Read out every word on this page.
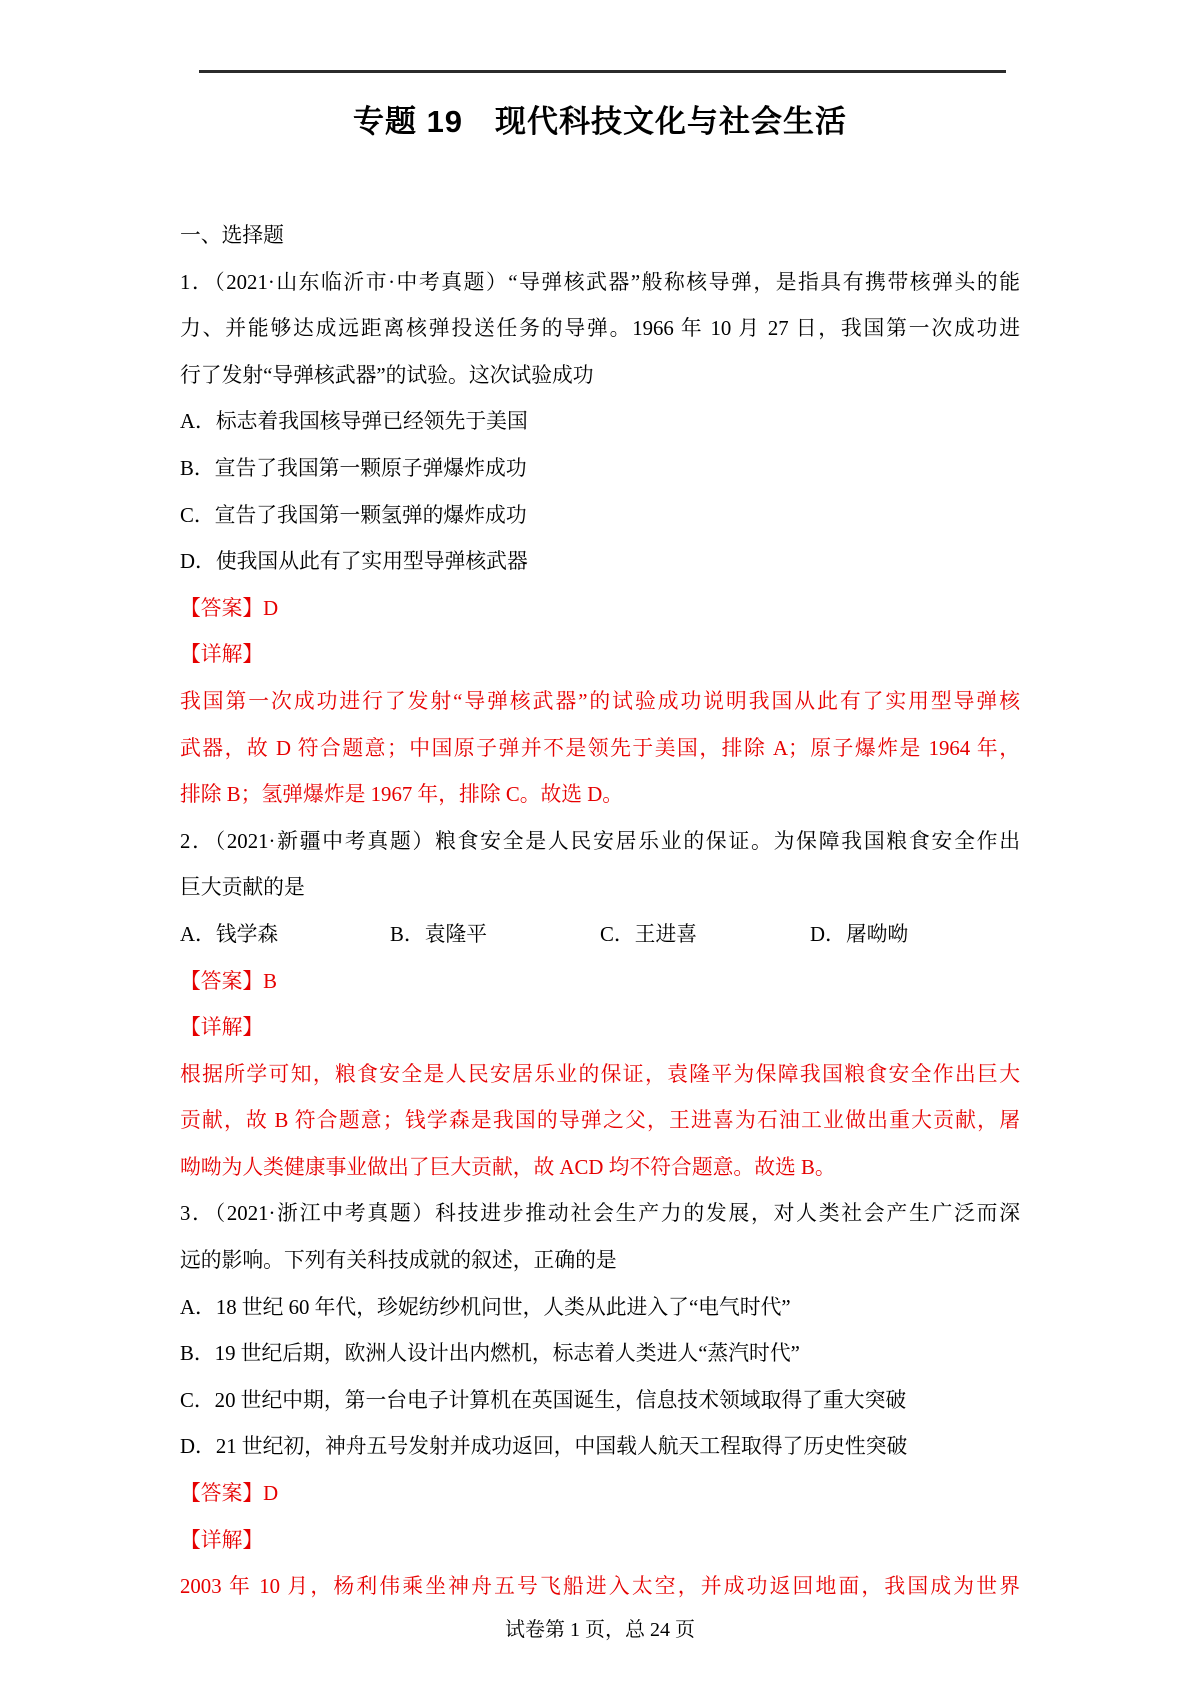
专题 19　现代科技文化与社会生活
一、选择题
1．（2021·山东临沂市·中考真题）“导弹核武器”般称核导弹，是指具有携带核弹头的能
力、并能够达成远距离核弹投送任务的导弹。1966 年 10 月 27 日，我国第一次成功进
行了发射“导弹核武器”的试验。这次试验成功
A．标志着我国核导弹已经领先于美国
B．宣告了我国第一颗原子弹爆炸成功
C．宣告了我国第一颗氢弹的爆炸成功
D．使我国从此有了实用型导弹核武器
【答案】D
【详解】
我国第一次成功进行了发射“导弹核武器”的试验成功说明我国从此有了实用型导弹核
武器，故 D 符合题意；中国原子弹并不是领先于美国，排除 A；原子爆炸是 1964 年，
排除 B；氢弹爆炸是 1967 年，排除 C。故选 D。
2．（2021·新疆中考真题）粮食安全是人民安居乐业的保证。为保障我国粮食安全作出
巨大贡献的是
A．钱学森	B．袁隆平	C．王进喜	D．屠呦呦
【答案】B
【详解】
根据所学可知，粮食安全是人民安居乐业的保证，袁隆平为保障我国粮食安全作出巨大
贡献，故 B 符合题意；钱学森是我国的导弹之父，王进喜为石油工业做出重大贡献，屠
呦呦为人类健康事业做出了巨大贡献，故 ACD 均不符合题意。故选 B。
3．（2021·浙江中考真题）科技进步推动社会生产力的发展，对人类社会产生广泛而深
远的影响。下列有关科技成就的叙述，正确的是
A．18 世纪 60 年代，珍妮纺纱机问世，人类从此进入了“电气时代”
B．19 世纪后期，欧洲人设计出内燃机，标志着人类进人“蒸汽时代”
C．20 世纪中期，第一台电子计算机在英国诞生，信息技术领域取得了重大突破
D．21 世纪初，神舟五号发射并成功返回，中国载人航天工程取得了历史性突破
【答案】D
【详解】
2003 年 10 月，杨利伟乘坐神舟五号飞船进入太空，并成功返回地面，我国成为世界
试卷第 1 页，总 24 页
